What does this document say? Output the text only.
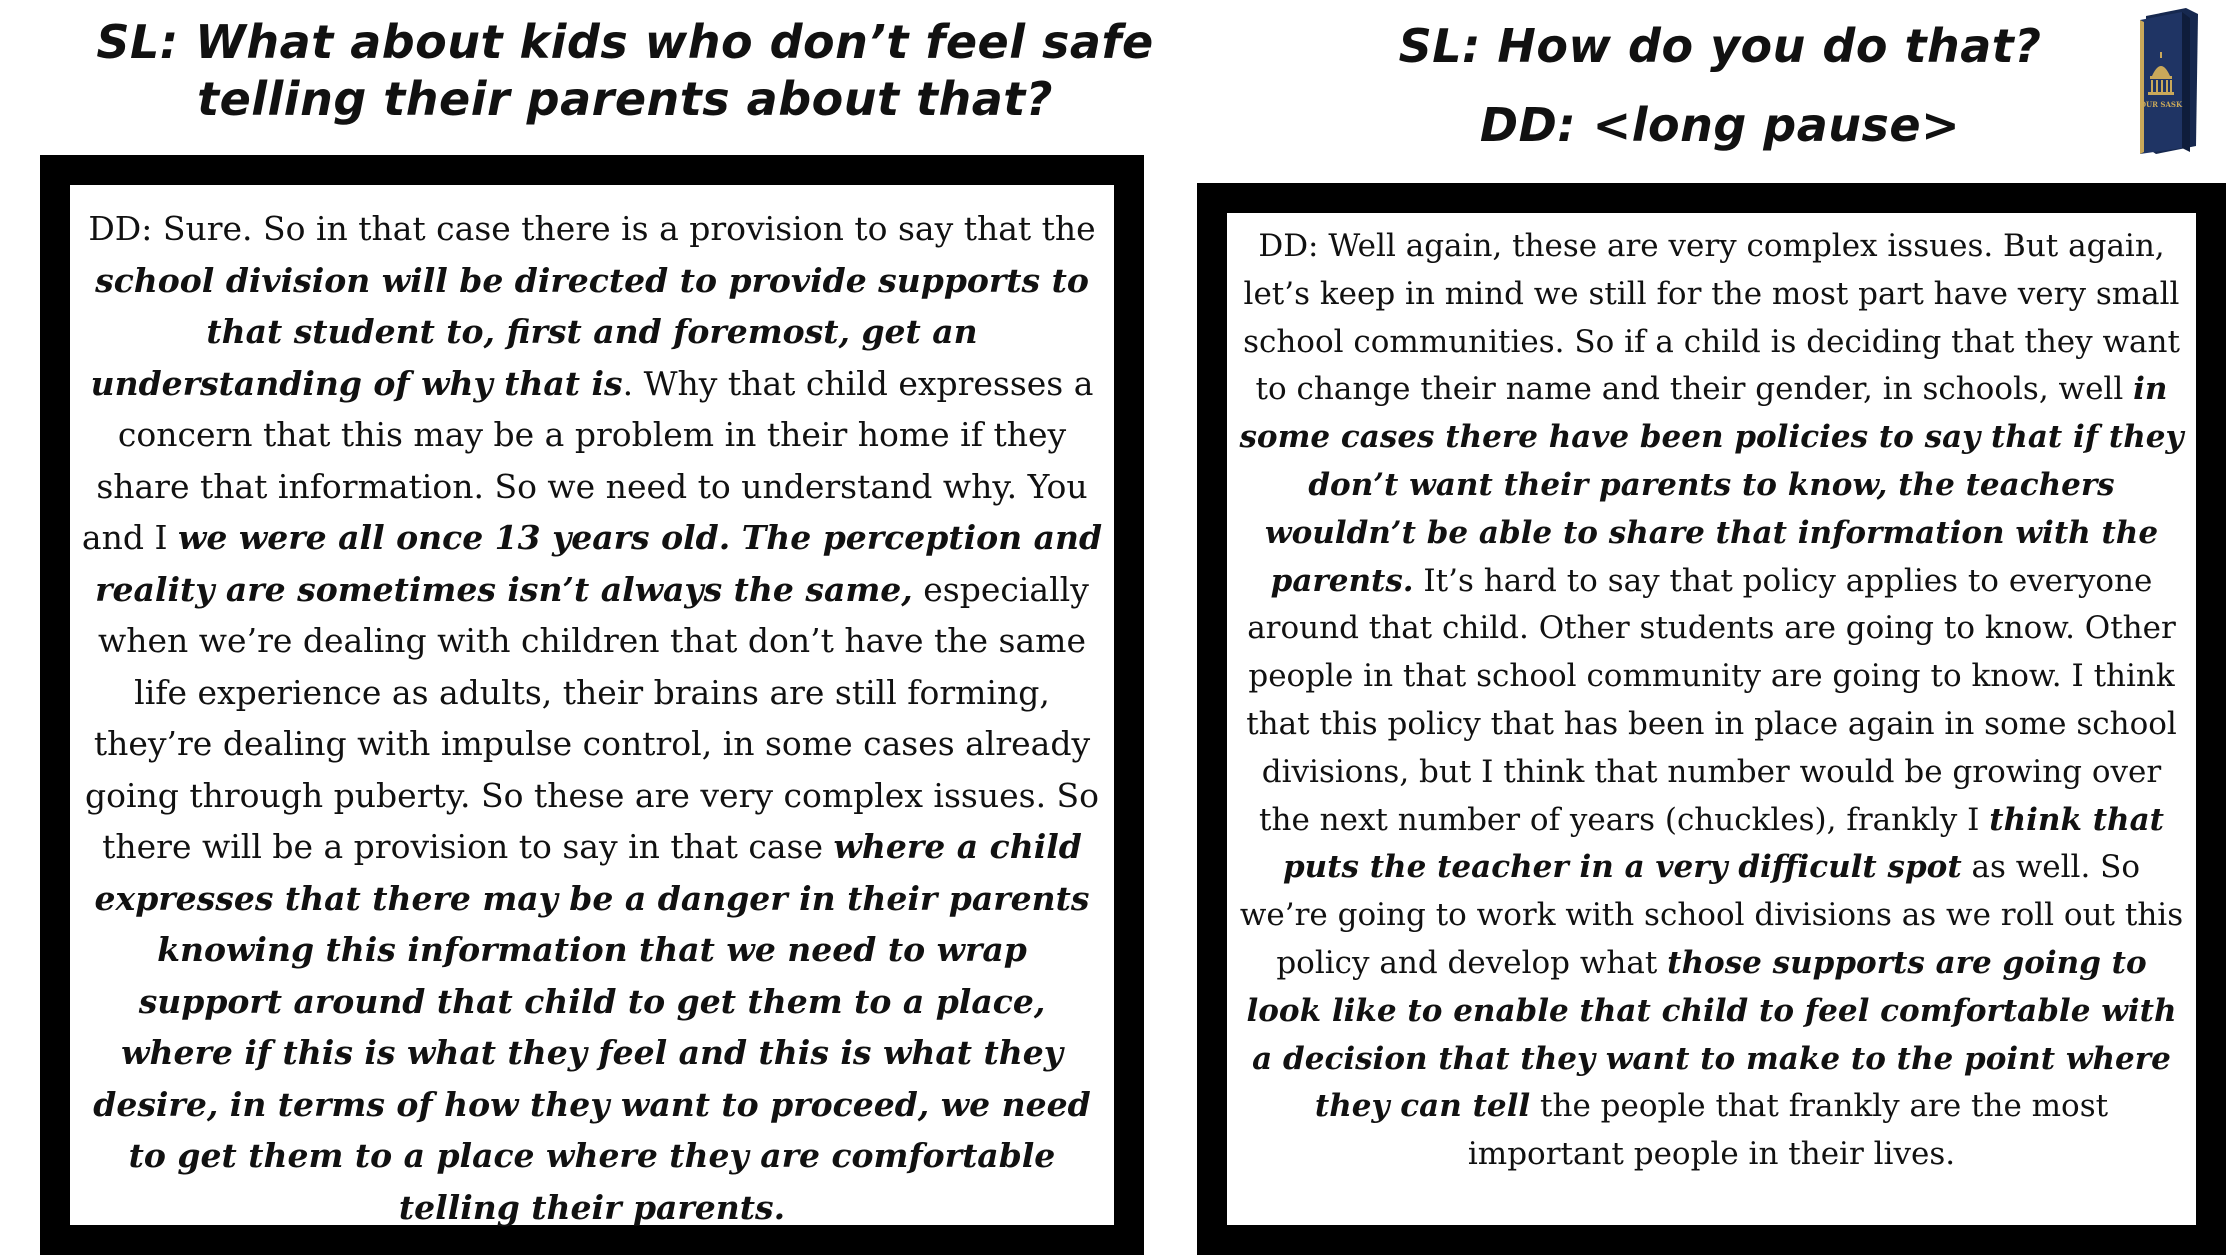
SL: What about kids who don’t feel safe telling their parents about that?
SL: How do you do that?
DD: <long pause>
DD: Sure. So in that case there is a provision to say that the school division will be directed to provide supports to that student to, first and foremost, get an understanding of why that is. Why that child expresses a concern that this may be a problem in their home if they share that information. So we need to understand why. You and I we were all once 13 years old. The perception and reality are sometimes isn’t always the same, especially when we’re dealing with children that don’t have the same life experience as adults, their brains are still forming, they’re dealing with impulse control, in some cases already going through puberty. So these are very complex issues. So there will be a provision to say in that case where a child expresses that there may be a danger in their parents knowing this information that we need to wrap support around that child to get them to a place, where if this is what they feel and this is what they desire, in terms of how they want to proceed, we need to get them to a place where they are comfortable telling their parents.
DD: Well again, these are very complex issues. But again, let’s keep in mind we still for the most part have very small school communities. So if a child is deciding that they want to change their name and their gender, in schools, well in some cases there have been policies to say that if they don’t want their parents to know, the teachers wouldn’t be able to share that information with the parents. It’s hard to say that policy applies to everyone around that child. Other students are going to know. Other people in that school community are going to know. I think that this policy that has been in place again in some school divisions, but I think that number would be growing over the next number of years (chuckles), frankly I think that puts the teacher in a very difficult spot as well. So we’re going to work with school divisions as we roll out this policy and develop what those supports are going to look like to enable that child to feel comfortable with a decision that they want to make to the point where they can tell the people that frankly are the most important people in their lives.
OUR SASK
